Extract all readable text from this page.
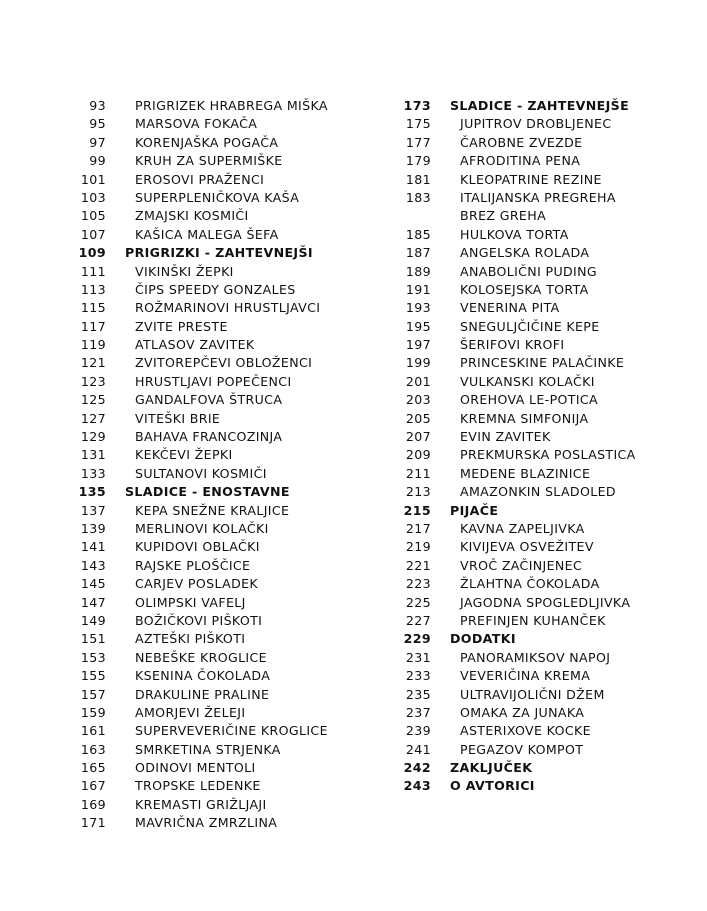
93	PRIGRIZEK HRABREGA MIŠKA
95	MARSOVA FOKAČA
97	KORENJAŠKA POGAČA
99	KRUH ZA SUPERMIŠKE
101	EROSOVI PRAŽENCI
103	SUPERPLENIČKOVA KAŠA
105	ZMAJSKI KOSMIČI
107	KAŠICA MALEGA ŠEFA
109	PRIGRIZKI - ZAHTEVNEJŠI
111	VIKINŠKI ŽEPKI
113	ČIPS SPEEDY GONZALES
115	ROŽMARINOVI HRUSTLJAVCI
117	ZVITE PRESTE
119	ATLASOV ZAVITEK
121	ZVITOREPČEVI OBLOŽENCI
123	HRUSTLJAVI POPEČENCI
125	GANDALFOVA ŠTRUCA
127	VITEŠKI BRIE
129	BAHAVA FRANCOZINJA
131	KEKČEVI ŽEPKI
133	SULTANOVI KOSMIČI
135	SLADICE - ENOSTAVNE
137	KEPA SNEŽNE KRALJICE
139	MERLINOVI KOLAČKI
141	KUPIDOVI OBLAČKI
143	RAJSKE PLOŠČICE
145	CARJEV POSLADEK
147	OLIMPSKI VAFELJ
149	BOŽIČKOVI PIŠKOTI
151	AZTEŠKI PIŠKOTI
153	NEBEŠKE KROGLICE
155	KSENINA ČOKOLADA
157	DRAKULINE PRALINE
159	AMORJEVI ŽELEJI
161	SUPERVEVERIČINE KROGLICE
163	SMRKETINA STRJENKA
165	ODINOVI MENTOLI
167	TROPSKE LEDENKE
169	KREMASTI GRIŽLJAJI
171	MAVRIČNA ZMRZLINA
173	SLADICE - ZAHTEVNEJŠE
175	JUPITROV DROBLJENEC
177	ČAROBNE ZVEZDE
179	AFRODITINA PENA
181	KLEOPATRINE REZINE
183	ITALIJANSKA PREGREHA
BREZ GREHA
185	HULKOVA TORTA
187	ANGELSKA ROLADA
189	ANABOLIČNI PUDING
191	KOLOSEJSKA TORTA
193	VENERINA PITA
195	SNEGULJČIČINE KEPE
197	ŠERIFOVI KROFI
199	PRINCESKINE PALAČINKE
201	VULKANSKI KOLAČKI
203	OREHOVA LE-POTICA
205	KREMNA SIMFONIJA
207	EVIN ZAVITEK
209	PREKMURSKA POSLASTICA
211	MEDENE BLAZINICE
213	AMAZONKIN SLADOLED
215	PIJAČE
217	KAVNA ZAPELJIVKA
219	KIVIJEVA OSVEŽITEV
221	VROČ ZAČINJENEC
223	ŽLAHTNA ČOKOLADA
225	JAGODNA SPOGLEDLJIVKA
227	PREFINJEN KUHANČEK
229	DODATKI
231	PANORAMIKSOV NAPOJ
233	VEVERIČINA KREMA
235	ULTRAVIJOLIČNI DŽEM
237	OMAKA ZA JUNAKA
239	ASTERIXOVE KOCKE
241	PEGAZOV KOMPOT
242	ZAKLJUČEK
243	O AVTORICI
